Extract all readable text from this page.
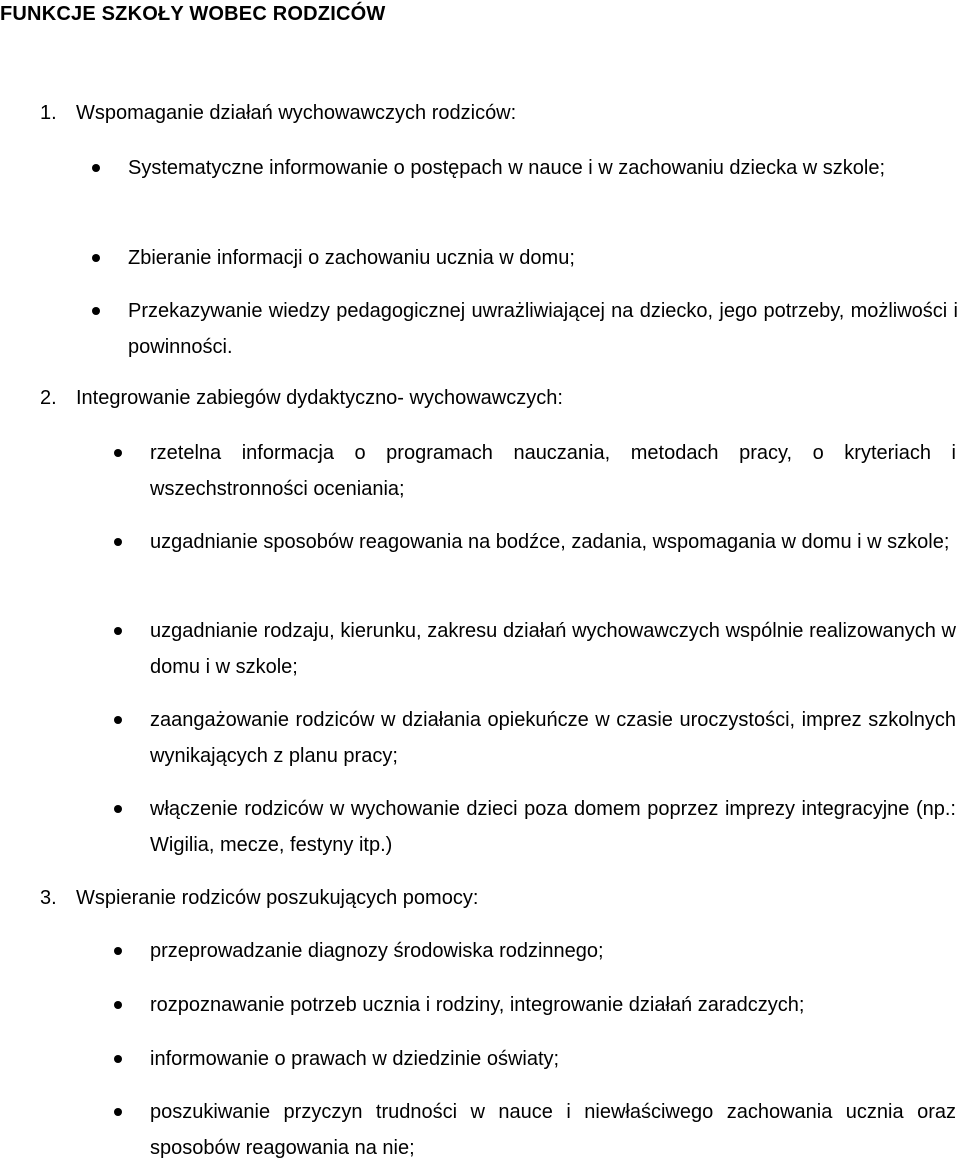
FUNKCJE SZKOŁY WOBEC RODZICÓW
1. Wspomaganie działań wychowawczych rodziców:
Systematyczne informowanie o postępach w nauce i w zachowaniu dziecka w szkole;
Zbieranie informacji o zachowaniu ucznia w domu;
Przekazywanie wiedzy pedagogicznej uwrażliwiającej na dziecko, jego potrzeby, możliwości i powinności.
2. Integrowanie zabiegów dydaktyczno- wychowawczych:
rzetelna informacja o programach nauczania, metodach pracy, o kryteriach i wszechstronności oceniania;
uzgadnianie sposobów reagowania na bodźce, zadania, wspomagania w domu i w szkole;
uzgadnianie rodzaju, kierunku, zakresu działań wychowawczych wspólnie realizowanych w domu i w szkole;
zaangażowanie rodziców w działania opiekuńcze w czasie uroczystości, imprez szkolnych wynikających z planu pracy;
włączenie rodziców w wychowanie dzieci poza domem poprzez imprezy integracyjne (np.: Wigilia, mecze, festyny itp.)
3. Wspieranie rodziców poszukujących pomocy:
przeprowadzanie diagnozy środowiska rodzinnego;
rozpoznawanie potrzeb ucznia i rodziny, integrowanie działań zaradczych;
informowanie o prawach w dziedzinie oświaty;
poszukiwanie przyczyn trudności w nauce i niewłaściwego zachowania ucznia oraz sposobów reagowania na nie;
